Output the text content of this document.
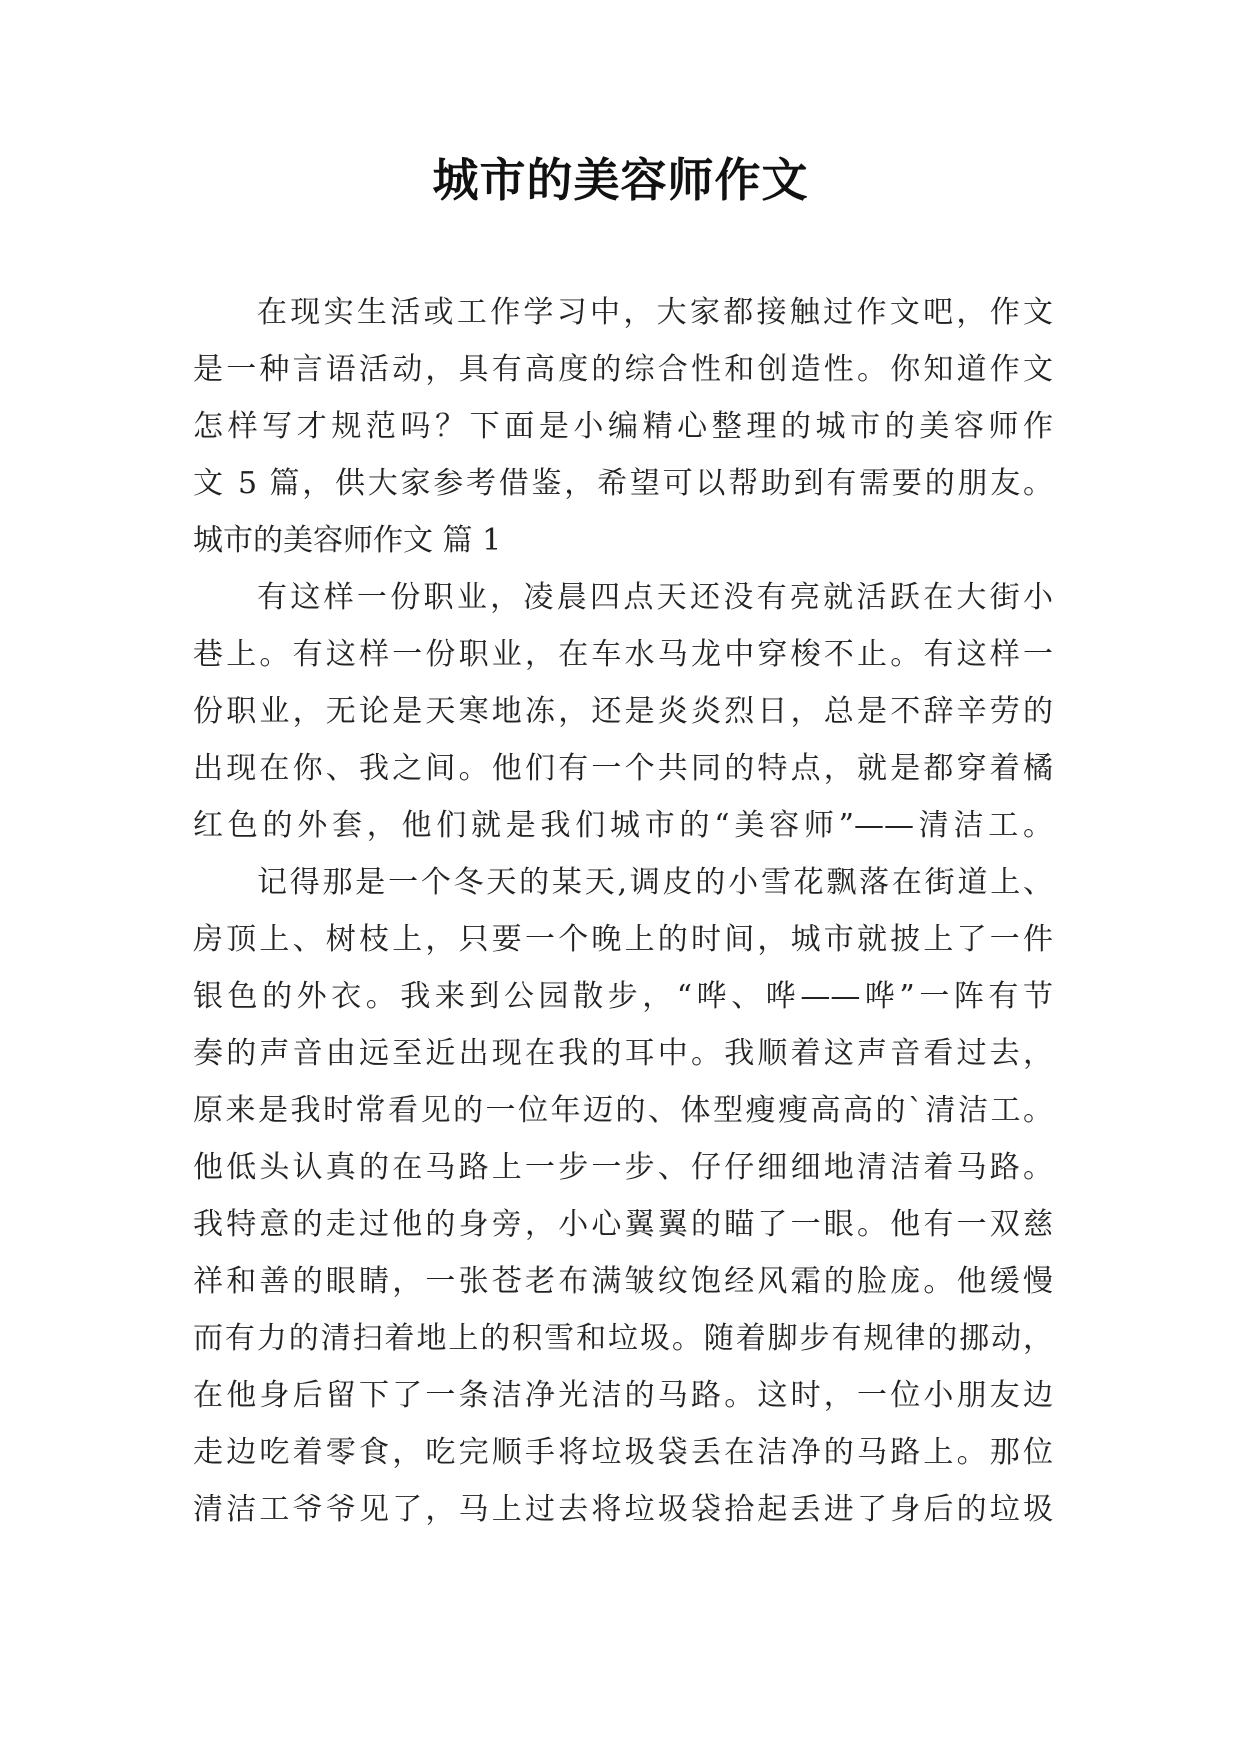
城市的美容师作文
在现实生活或工作学习中，大家都接触过作文吧，作文
是一种言语活动，具有高度的综合性和创造性。你知道作文
怎样写才规范吗？下面是小编精心整理的城市的美容师作
文 5 篇，供大家参考借鉴，希望可以帮助到有需要的朋友。
城市的美容师作文 篇 1
有这样一份职业，凌晨四点天还没有亮就活跃在大街小
巷上。有这样一份职业，在车水马龙中穿梭不止。有这样一
份职业，无论是天寒地冻，还是炎炎烈日，总是不辞辛劳的
出现在你、我之间。他们有一个共同的特点，就是都穿着橘
红色的外套，他们就是我们城市的“美容师”——清洁工。
记得那是一个冬天的某天,调皮的小雪花飘落在街道上、
房顶上、树枝上，只要一个晚上的时间，城市就披上了一件
银色的外衣。我来到公园散步，“哗、哗——哗”一阵有节
奏的声音由远至近出现在我的耳中。我顺着这声音看过去，
原来是我时常看见的一位年迈的、体型瘦瘦高高的`清洁工。
他低头认真的在马路上一步一步、仔仔细细地清洁着马路。
我特意的走过他的身旁，小心翼翼的瞄了一眼。他有一双慈
祥和善的眼睛，一张苍老布满皱纹饱经风霜的脸庞。他缓慢
而有力的清扫着地上的积雪和垃圾。随着脚步有规律的挪动，
在他身后留下了一条洁净光洁的马路。这时，一位小朋友边
走边吃着零食，吃完顺手将垃圾袋丢在洁净的马路上。那位
清洁工爷爷见了，马上过去将垃圾袋拾起丢进了身后的垃圾
